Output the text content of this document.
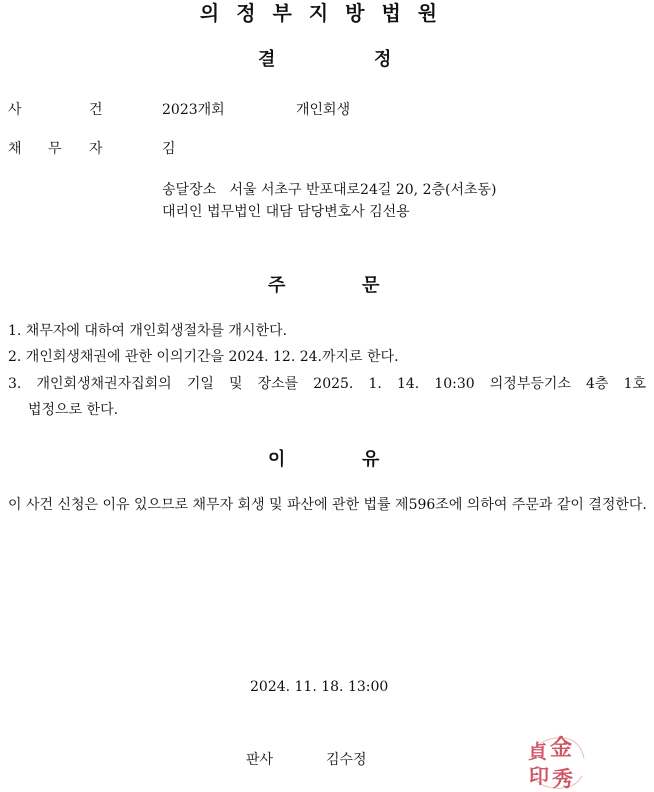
의정부지방법원
결	정
사	건	2023개회	개인회생
채 무 자	김
송달장소   서울 서초구 반포대로24길 20, 2층(서초동)
대리인 법무법인 대담 담당변호사 김선용
주	문
1. 채무자에 대하여 개인회생절차를 개시한다.
2. 개인회생채권에 관한 이의기간을 2024. 12. 24.까지로 한다.
3. 개인회생채권자집회의 기일 및 장소를 2025. 1. 14. 10:30 의정부등기소 4층 1호
법정으로 한다.
이	유
이 사건 신청은 이유 있으므로 채무자 회생 및 파산에 관한 법률 제596조에 의하여 주문과 같이 결정한다.
2024. 11. 18. 13:00
판사	김수정	金
貞
印 秀
